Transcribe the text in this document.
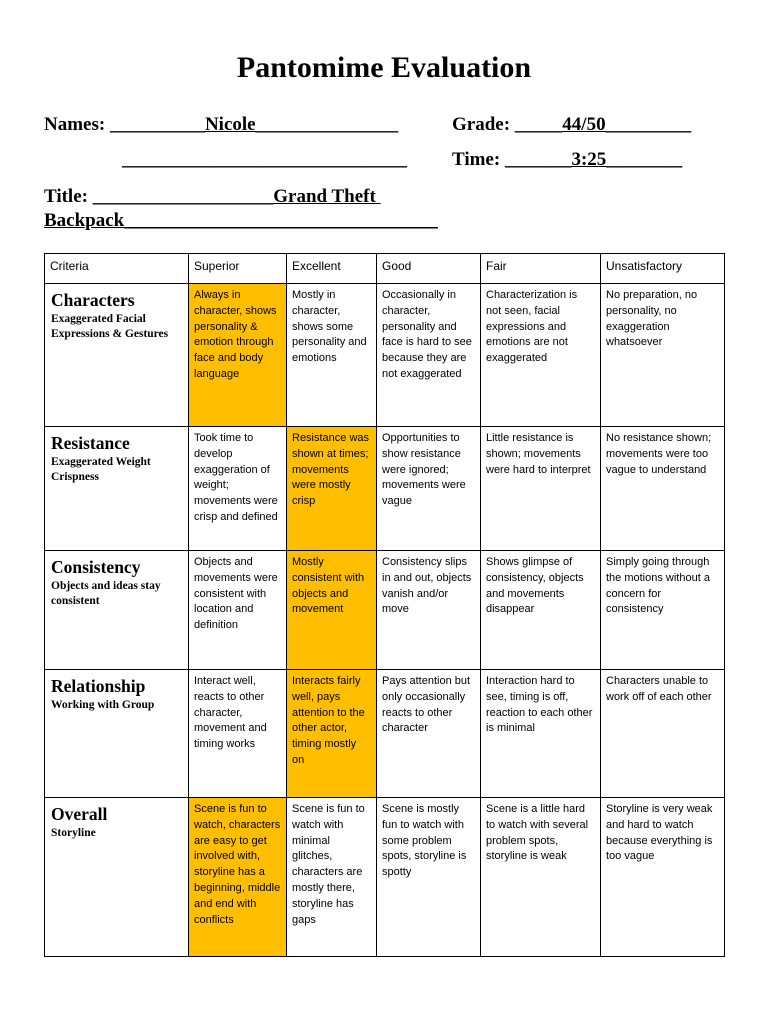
Pantomime Evaluation
Names: __________Nicole_______________	Grade: _____44/50_________
______________________________ Time: _______3:25________
Title: ___________________Grand Theft
Backpack_________________________________
Criteria	Superior	Excellent	Good	Fair	Unsatisfactory

Characters
Exaggerated Facial Expressions & Gestures	Always in character, shows personality & emotion through face and body language	Mostly in character, shows some personality and emotions	Occasionally in character, personality and face is hard to see because they are not exaggerated	Characterization is not seen, facial expressions and emotions are not exaggerated	No preparation, no personality, no exaggeration whatsoever

Resistance
Exaggerated Weight Crispness	Took time to develop exaggeration of weight; movements were crisp and defined	Resistance was shown at times; movements were mostly crisp	Opportunities to show resistance were ignored; movements were vague	Little resistance is shown; movements were hard to interpret	No resistance shown; movements were too vague to understand

Consistency
Objects and ideas stay consistent	Objects and movements were consistent with location and definition	Mostly consistent with objects and movement	Consistency slips in and out, objects vanish and/or move	Shows glimpse of consistency, objects and movements disappear	Simply going through the motions without a concern for consistency

Relationship
Working with Group	Interact well, reacts to other character, movement and timing works	Interacts fairly well, pays attention to the other actor, timing mostly on	Pays attention but only occasionally reacts to other character	Interaction hard to see, timing is off, reaction to each other is minimal	Characters unable to work off of each other

Overall
Storyline	Scene is fun to watch, characters are easy to get involved with, storyline has a beginning, middle and end with conflicts	Scene is fun to watch with minimal glitches, characters are mostly there, storyline has gaps	Scene is mostly fun to watch with some problem spots, storyline is spotty	Scene is a little hard to watch with several problem spots, storyline is weak	Storyline is very weak and hard to watch because everything is too vague
